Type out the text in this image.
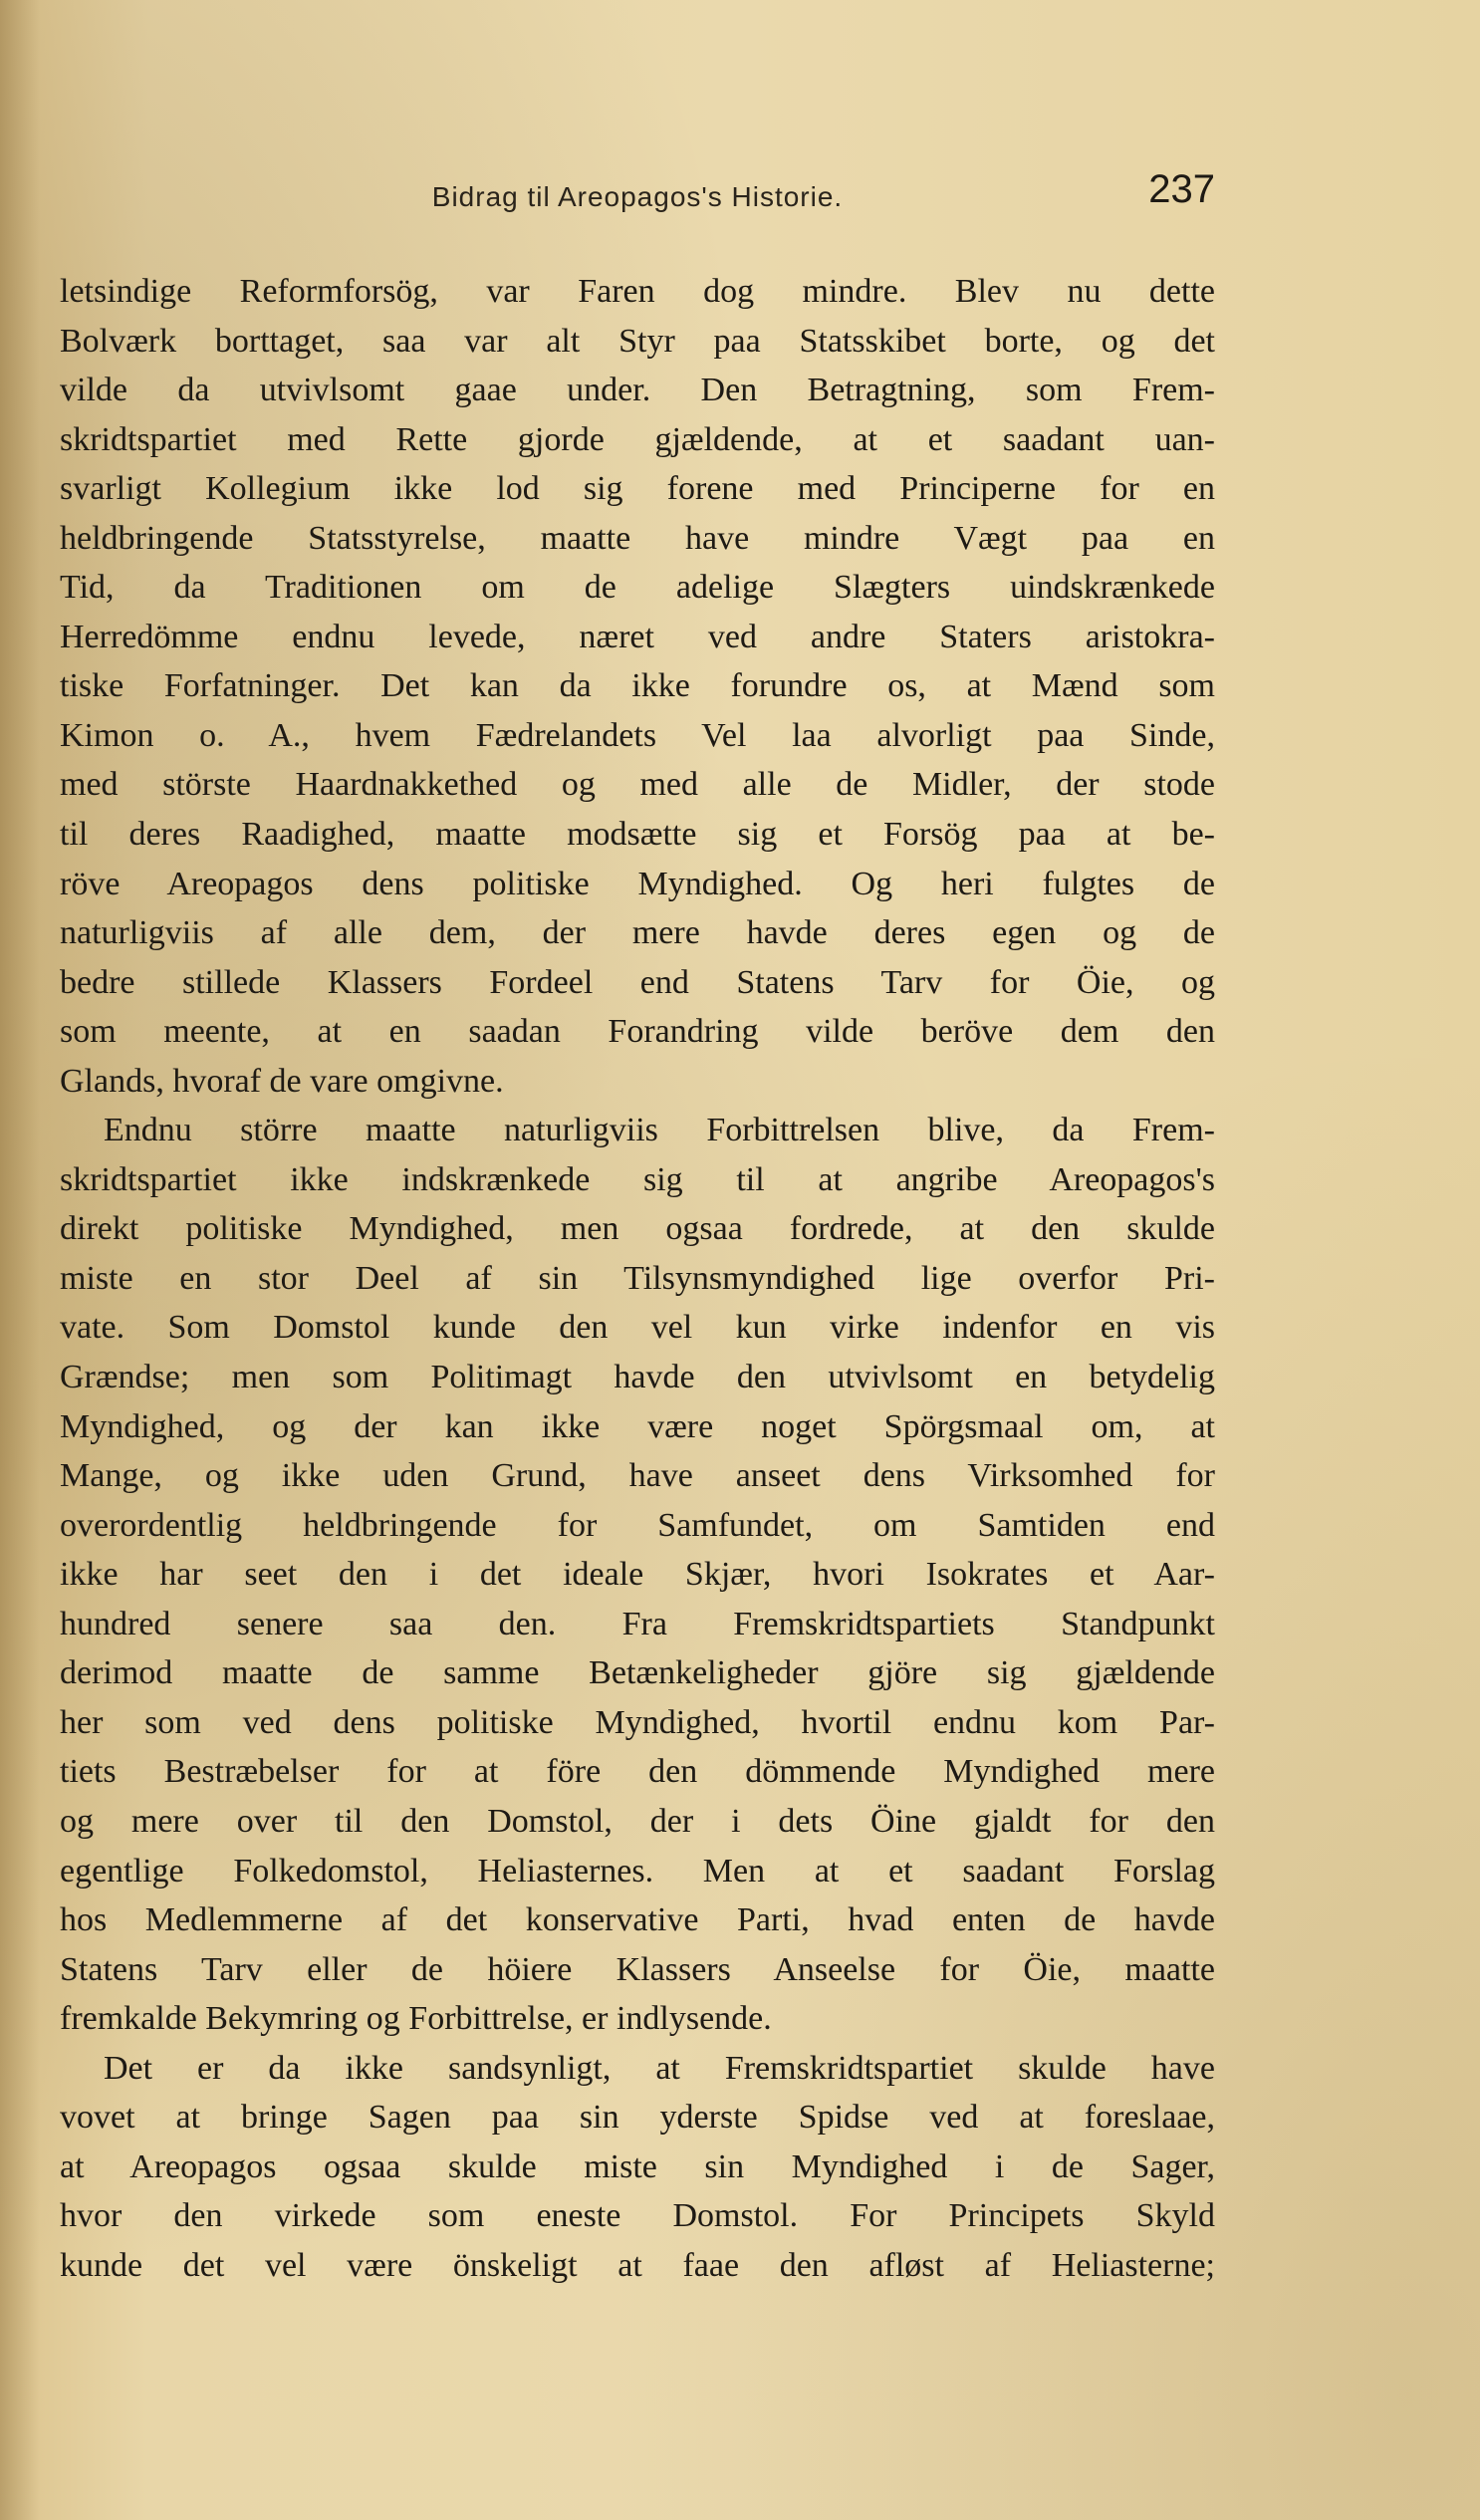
Bidrag til Areopagos's Historie.	237
letsindige Reformforsög, var Faren dog mindre. Blev nu dette
Bolværk borttaget, saa var alt Styr paa Statsskibet borte, og det
vilde da utvivlsomt gaae under. Den Betragtning, som Frem-
skridtspartiet med Rette gjorde gjældende, at et saadant uan-
svarligt Kollegium ikke lod sig forene med Principerne for en
heldbringende Statsstyrelse, maatte have mindre Vægt paa en
Tid, da Traditionen om de adelige Slægters uindskrænkede
Herredömme endnu levede, næret ved andre Staters aristokra-
tiske Forfatninger. Det kan da ikke forundre os, at Mænd som
Kimon o. A., hvem Fædrelandets Vel laa alvorligt paa Sinde,
med störste Haardnakkethed og med alle de Midler, der stode
til deres Raadighed, maatte modsætte sig et Forsög paa at be-
röve Areopagos dens politiske Myndighed. Og heri fulgtes de
naturligviis af alle dem, der mere havde deres egen og de
bedre stillede Klassers Fordeel end Statens Tarv for Öie, og
som meente, at en saadan Forandring vilde beröve dem den
Glands, hvoraf de vare omgivne.
Endnu större maatte naturligviis Forbittrelsen blive, da Frem-
skridtspartiet ikke indskrænkede sig til at angribe Areopagos's
direkt politiske Myndighed, men ogsaa fordrede, at den skulde
miste en stor Deel af sin Tilsynsmyndighed lige overfor Pri-
vate. Som Domstol kunde den vel kun virke indenfor en vis
Grændse; men som Politimagt havde den utvivlsomt en betydelig
Myndighed, og der kan ikke være noget Spörgsmaal om, at
Mange, og ikke uden Grund, have anseet dens Virksomhed for
overordentlig heldbringende for Samfundet, om Samtiden end
ikke har seet den i det ideale Skjær, hvori Isokrates et Aar-
hundred senere saa den. Fra Fremskridtspartiets Standpunkt
derimod maatte de samme Betænkeligheder gjöre sig gjældende
her som ved dens politiske Myndighed, hvortil endnu kom Par-
tiets Bestræbelser for at före den dömmende Myndighed mere
og mere over til den Domstol, der i dets Öine gjaldt for den
egentlige Folkedomstol, Heliasternes. Men at et saadant Forslag
hos Medlemmerne af det konservative Parti, hvad enten de havde
Statens Tarv eller de höiere Klassers Anseelse for Öie, maatte
fremkalde Bekymring og Forbittrelse, er indlysende.
Det er da ikke sandsynligt, at Fremskridtspartiet skulde have
vovet at bringe Sagen paa sin yderste Spidse ved at foreslaae,
at Areopagos ogsaa skulde miste sin Myndighed i de Sager,
hvor den virkede som eneste Domstol. For Principets Skyld
kunde det vel være önskeligt at faae den afløst af Heliasterne;
